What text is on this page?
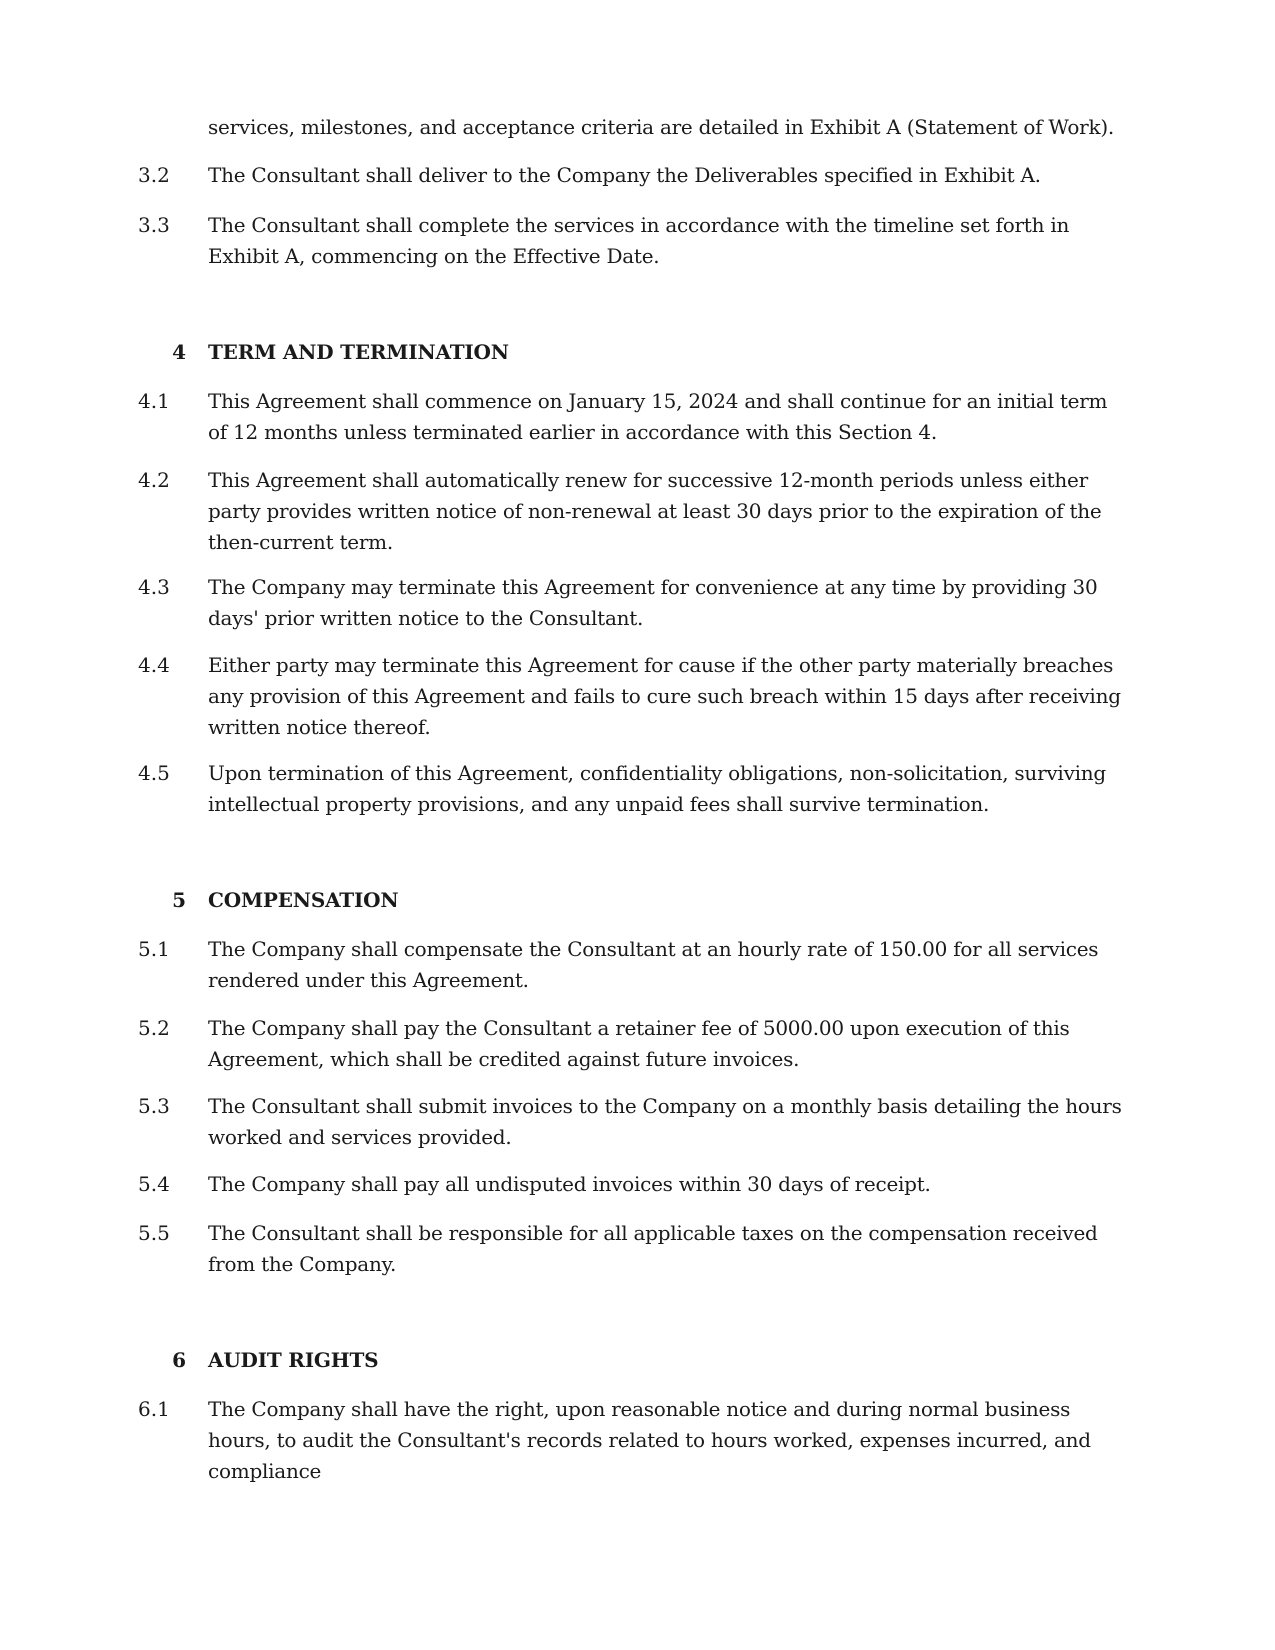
services, milestones, and acceptance criteria are detailed in Exhibit A (Statement of Work).
3.2	The Consultant shall deliver to the Company the Deliverables specified in Exhibit A.
3.3	The Consultant shall complete the services in accordance with the timeline set forth in Exhibit A, commencing on the Effective Date.
4 TERM AND TERMINATION
4.1	This Agreement shall commence on January 15, 2024 and shall continue for an initial term of 12 months unless terminated earlier in accordance with this Section 4.
4.2	This Agreement shall automatically renew for successive 12-month periods unless either party provides written notice of non-renewal at least 30 days prior to the expiration of the then-current term.
4.3	The Company may terminate this Agreement for convenience at any time by providing 30 days' prior written notice to the Consultant.
4.4	Either party may terminate this Agreement for cause if the other party materially breaches any provision of this Agreement and fails to cure such breach within 15 days after receiving written notice thereof.
4.5	Upon termination of this Agreement, confidentiality obligations, non-solicitation, surviving intellectual property provisions, and any unpaid fees shall survive termination.
5 COMPENSATION
5.1	The Company shall compensate the Consultant at an hourly rate of 150.00 for all services rendered under this Agreement.
5.2	The Company shall pay the Consultant a retainer fee of 5000.00 upon execution of this Agreement, which shall be credited against future invoices.
5.3	The Consultant shall submit invoices to the Company on a monthly basis detailing the hours worked and services provided.
5.4	The Company shall pay all undisputed invoices within 30 days of receipt.
5.5	The Consultant shall be responsible for all applicable taxes on the compensation received from the Company.
6 AUDIT RIGHTS
6.1	The Company shall have the right, upon reasonable notice and during normal business hours, to audit the Consultant's records related to hours worked, expenses incurred, and compliance
